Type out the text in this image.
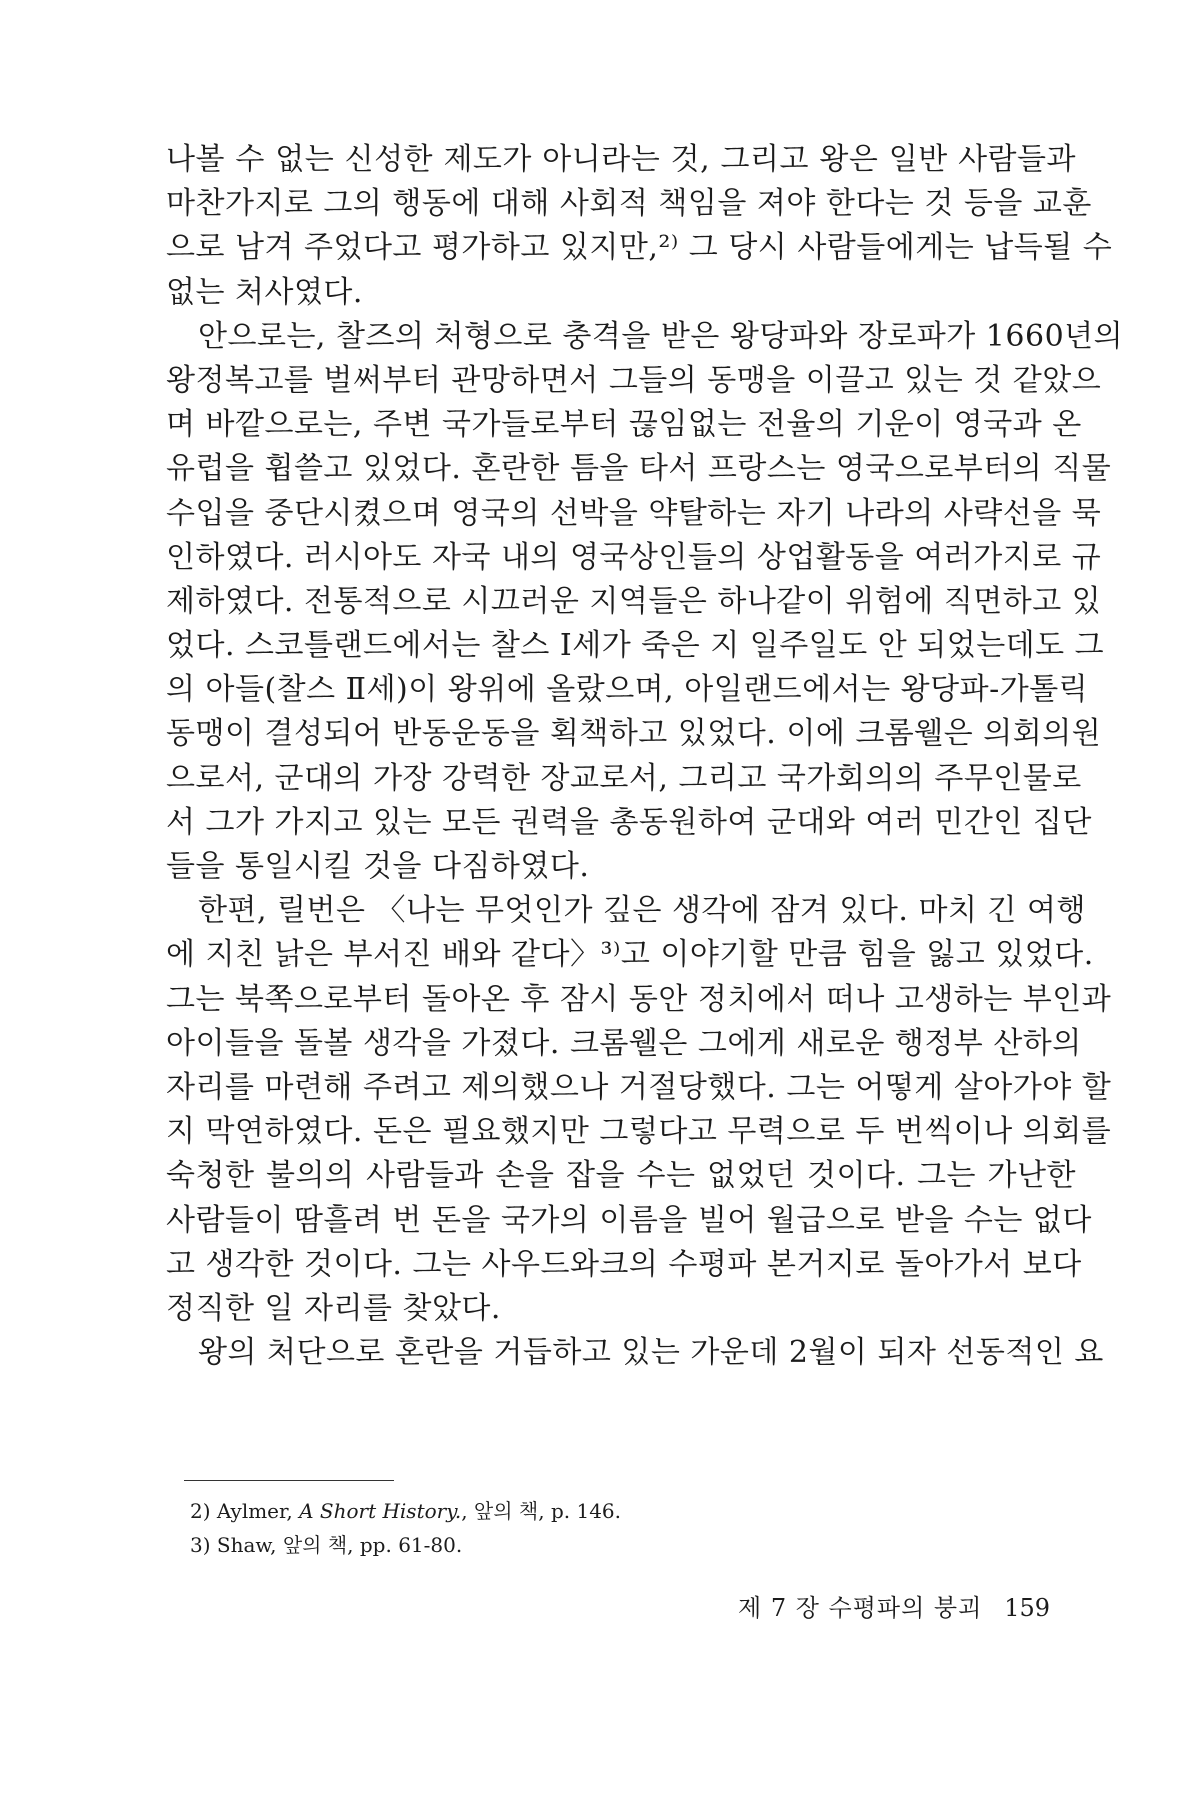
나볼 수 없는 신성한 제도가 아니라는 것, 그리고 왕은 일반 사람들과
마찬가지로 그의 행동에 대해 사회적 책임을 져야 한다는 것 등을 교훈
으로 남겨 주었다고 평가하고 있지만,²⁾ 그 당시 사람들에게는 납득될 수
없는 처사였다.
안으로는, 찰즈의 처형으로 충격을 받은 왕당파와 장로파가 1660년의
왕정복고를 벌써부터 관망하면서 그들의 동맹을 이끌고 있는 것 같았으
며 바깥으로는, 주변 국가들로부터 끊임없는 전율의 기운이 영국과 온
유럽을 휩쓸고 있었다. 혼란한 틈을 타서 프랑스는 영국으로부터의 직물
수입을 중단시켰으며 영국의 선박을 약탈하는 자기 나라의 사략선을 묵
인하였다. 러시아도 자국 내의 영국상인들의 상업활동을 여러가지로 규
제하였다. 전통적으로 시끄러운 지역들은 하나같이 위험에 직면하고 있
었다. 스코틀랜드에서는 찰스 Ⅰ세가 죽은 지 일주일도 안 되었는데도 그
의 아들(찰스 Ⅱ세)이 왕위에 올랐으며, 아일랜드에서는 왕당파-가톨릭
동맹이 결성되어 반동운동을 획책하고 있었다. 이에 크롬웰은 의회의원
으로서, 군대의 가장 강력한 장교로서, 그리고 국가회의의 주무인물로
서 그가 가지고 있는 모든 권력을 총동원하여 군대와 여러 민간인 집단
들을 통일시킬 것을 다짐하였다.
한편, 릴번은 〈나는 무엇인가 깊은 생각에 잠겨 있다. 마치 긴 여행
에 지친 낡은 부서진 배와 같다〉³⁾고 이야기할 만큼 힘을 잃고 있었다.
그는 북쪽으로부터 돌아온 후 잠시 동안 정치에서 떠나 고생하는 부인과
아이들을 돌볼 생각을 가졌다. 크롬웰은 그에게 새로운 행정부 산하의
자리를 마련해 주려고 제의했으나 거절당했다. 그는 어떻게 살아가야 할
지 막연하였다. 돈은 필요했지만 그렇다고 무력으로 두 번씩이나 의회를
숙청한 불의의 사람들과 손을 잡을 수는 없었던 것이다. 그는 가난한
사람들이 땀흘려 번 돈을 국가의 이름을 빌어 월급으로 받을 수는 없다
고 생각한 것이다. 그는 사우드와크의 수평파 본거지로 돌아가서 보다
정직한 일 자리를 찾았다.
왕의 처단으로 혼란을 거듭하고 있는 가운데 2월이 되자 선동적인 요
2) Aylmer, A Short History., 앞의 책, p. 146.
3) Shaw, 앞의 책, pp. 61-80.
제 7 장 수평파의 붕괴 159
